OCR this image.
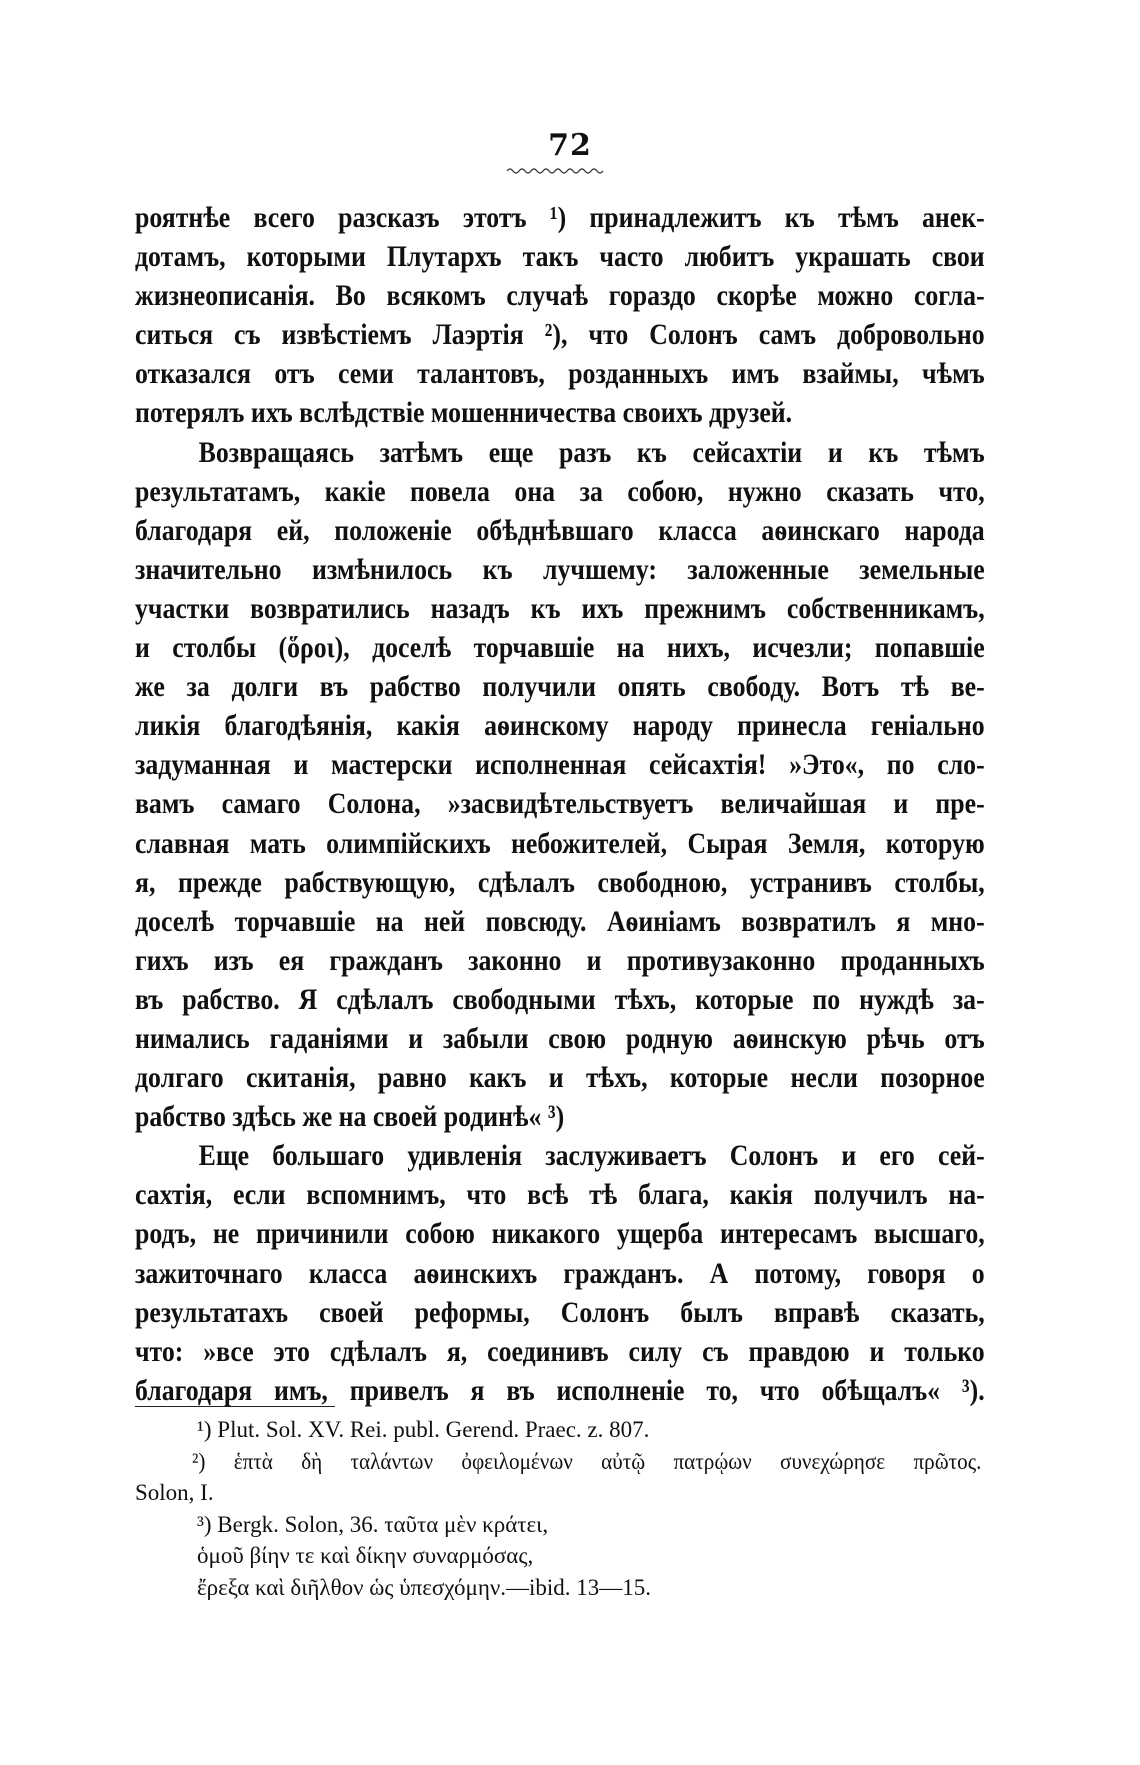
72
роятнѣе всего разсказъ этотъ ¹) принадлежитъ къ тѣмъ анек-
дотамъ, которыми Плутархъ такъ часто любитъ украшать свои
жизнеописанія. Во всякомъ случаѣ гораздо скорѣе можно согла-
ситься съ извѣстіемъ Лаэртія ²), что Солонъ самъ добровольно
отказался отъ семи талантовъ, розданныхъ имъ взаймы, чѣмъ
потерялъ ихъ вслѣдствіе мошенничества своихъ друзей.
Возвращаясь затѣмъ еще разъ къ сейсахтіи и къ тѣмъ
результатамъ, какіе повела она за собою, нужно сказать что,
благодаря ей, положеніе обѣднѣвшаго класса аѳинскаго народа
значительно измѣнилось къ лучшему: заложенные земельные
участки возвратились назадъ къ ихъ прежнимъ собственникамъ,
и столбы (ὅροι), доселѣ торчавшіе на нихъ, исчезли; попавшіе
же за долги въ рабство получили опять свободу. Вотъ тѣ ве-
ликія благодѣянія, какія аѳинскому народу принесла геніально
задуманная и мастерски исполненная сейсахтія! »Это«, по сло-
вамъ самаго Солона, »засвидѣтельствуетъ величайшая и пре-
славная мать олимпійскихъ небожителей, Сырая Земля, которую
я, прежде рабствующую, сдѣлалъ свободною, устранивъ столбы,
доселѣ торчавшіе на ней повсюду. Аѳиніамъ возвратилъ я мно-
гихъ изъ ея гражданъ законно и противузаконно проданныхъ
въ рабство. Я сдѣлалъ свободными тѣхъ, которые по нуждѣ за-
нимались гаданіями и забыли свою родную аѳинскую рѣчь отъ
долгаго скитанія, равно какъ и тѣхъ, которые несли позорное
рабство здѣсь же на своей родинѣ« ³)
Еще большаго удивленія заслуживаетъ Солонъ и его сей-
сахтія, если вспомнимъ, что всѣ тѣ блага, какія получилъ на-
родъ, не причинили собою никакого ущерба интересамъ высшаго,
зажиточнаго класса аѳинскихъ гражданъ. А потому, говоря о
результатахъ своей реформы, Солонъ былъ вправѣ сказать,
что: »все это сдѣлалъ я, соединивъ силу съ правдою и только
благодаря имъ, привелъ я въ исполненіе то, что обѣщалъ« ³).
¹) Plut. Sol. XV. Rei. publ. Gerend. Praec. z. 807.
²) ἑπτὰ δὴ ταλάντων ὀφειλομένων αὐτῷ πατρῴων συνεχώρησε πρῶτος.
Solon, I.
³) Bergk. Solon, 36. ταῦτα μὲν κράτει,
ὁμοῦ βίην τε καὶ δίκην συναρμόσας,
ἔρεξα καὶ διῆλθον ὡς ὑπεσχόμην.—ibid. 13—15.
